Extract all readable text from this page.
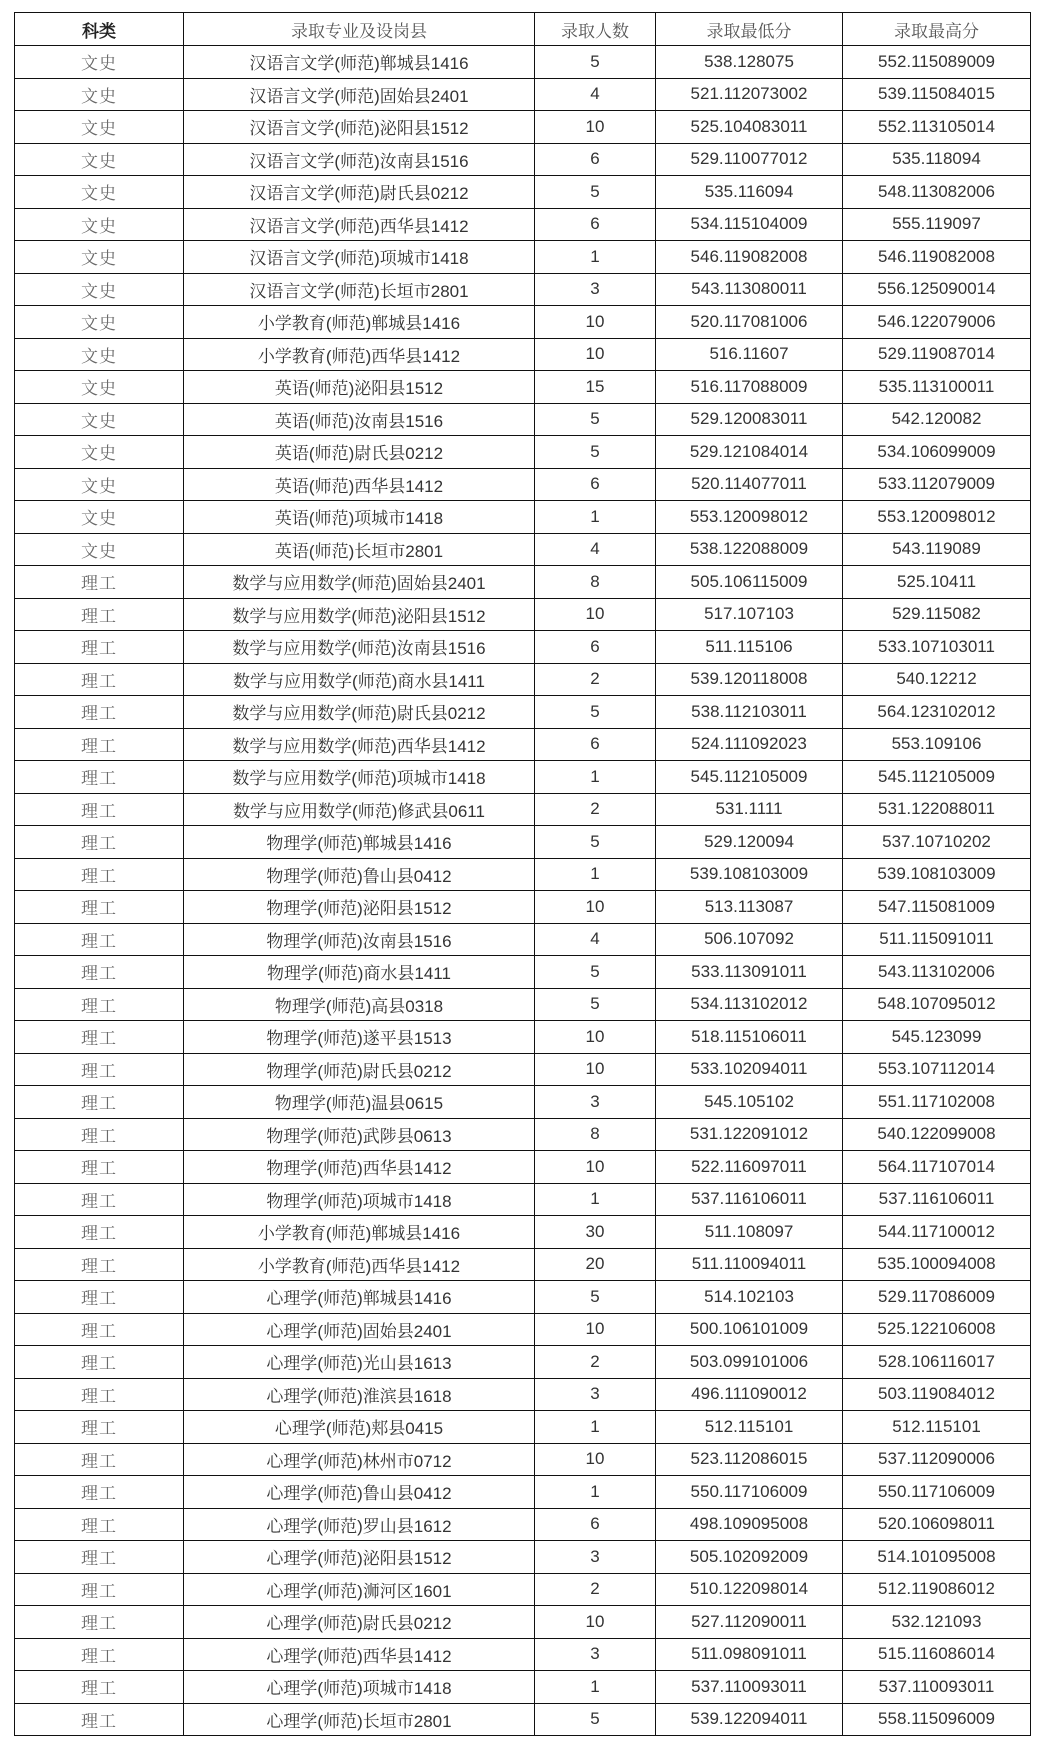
科类	录取专业及设岗县	录取人数	录取最低分	录取最高分
文史	汉语言文学(师范)郸城县1416	5	538.128075	552.115089009
文史	汉语言文学(师范)固始县2401	4	521.112073002	539.115084015
文史	汉语言文学(师范)泌阳县1512	10	525.104083011	552.113105014
文史	汉语言文学(师范)汝南县1516	6	529.110077012	535.118094
文史	汉语言文学(师范)尉氏县0212	5	535.116094	548.113082006
文史	汉语言文学(师范)西华县1412	6	534.115104009	555.119097
文史	汉语言文学(师范)项城市1418	1	546.119082008	546.119082008
文史	汉语言文学(师范)长垣市2801	3	543.113080011	556.125090014
文史	小学教育(师范)郸城县1416	10	520.117081006	546.122079006
文史	小学教育(师范)西华县1412	10	516.11607	529.119087014
文史	英语(师范)泌阳县1512	15	516.117088009	535.113100011
文史	英语(师范)汝南县1516	5	529.120083011	542.120082
文史	英语(师范)尉氏县0212	5	529.121084014	534.106099009
文史	英语(师范)西华县1412	6	520.114077011	533.112079009
文史	英语(师范)项城市1418	1	553.120098012	553.120098012
文史	英语(师范)长垣市2801	4	538.122088009	543.119089
理工	数学与应用数学(师范)固始县2401	8	505.106115009	525.10411
理工	数学与应用数学(师范)泌阳县1512	10	517.107103	529.115082
理工	数学与应用数学(师范)汝南县1516	6	511.115106	533.107103011
理工	数学与应用数学(师范)商水县1411	2	539.120118008	540.12212
理工	数学与应用数学(师范)尉氏县0212	5	538.112103011	564.123102012
理工	数学与应用数学(师范)西华县1412	6	524.111092023	553.109106
理工	数学与应用数学(师范)项城市1418	1	545.112105009	545.112105009
理工	数学与应用数学(师范)修武县0611	2	531.1111	531.122088011
理工	物理学(师范)郸城县1416	5	529.120094	537.10710202
理工	物理学(师范)鲁山县0412	1	539.108103009	539.108103009
理工	物理学(师范)泌阳县1512	10	513.113087	547.115081009
理工	物理学(师范)汝南县1516	4	506.107092	511.115091011
理工	物理学(师范)商水县1411	5	533.113091011	543.113102006
理工	物理学(师范)高县0318	5	534.113102012	548.107095012
理工	物理学(师范)遂平县1513	10	518.115106011	545.123099
理工	物理学(师范)尉氏县0212	10	533.102094011	553.107112014
理工	物理学(师范)温县0615	3	545.105102	551.117102008
理工	物理学(师范)武陟县0613	8	531.122091012	540.122099008
理工	物理学(师范)西华县1412	10	522.116097011	564.117107014
理工	物理学(师范)项城市1418	1	537.116106011	537.116106011
理工	小学教育(师范)郸城县1416	30	511.108097	544.117100012
理工	小学教育(师范)西华县1412	20	511.110094011	535.100094008
理工	心理学(师范)郸城县1416	5	514.102103	529.117086009
理工	心理学(师范)固始县2401	10	500.106101009	525.122106008
理工	心理学(师范)光山县1613	2	503.099101006	528.106116017
理工	心理学(师范)淮滨县1618	3	496.111090012	503.119084012
理工	心理学(师范)郏县0415	1	512.115101	512.115101
理工	心理学(师范)林州市0712	10	523.112086015	537.112090006
理工	心理学(师范)鲁山县0412	1	550.117106009	550.117106009
理工	心理学(师范)罗山县1612	6	498.109095008	520.106098011
理工	心理学(师范)泌阳县1512	3	505.102092009	514.101095008
理工	心理学(师范)浉河区1601	2	510.122098014	512.119086012
理工	心理学(师范)尉氏县0212	10	527.112090011	532.121093
理工	心理学(师范)西华县1412	3	511.098091011	515.116086014
理工	心理学(师范)项城市1418	1	537.110093011	537.110093011
理工	心理学(师范)长垣市2801	5	539.122094011	558.115096009
